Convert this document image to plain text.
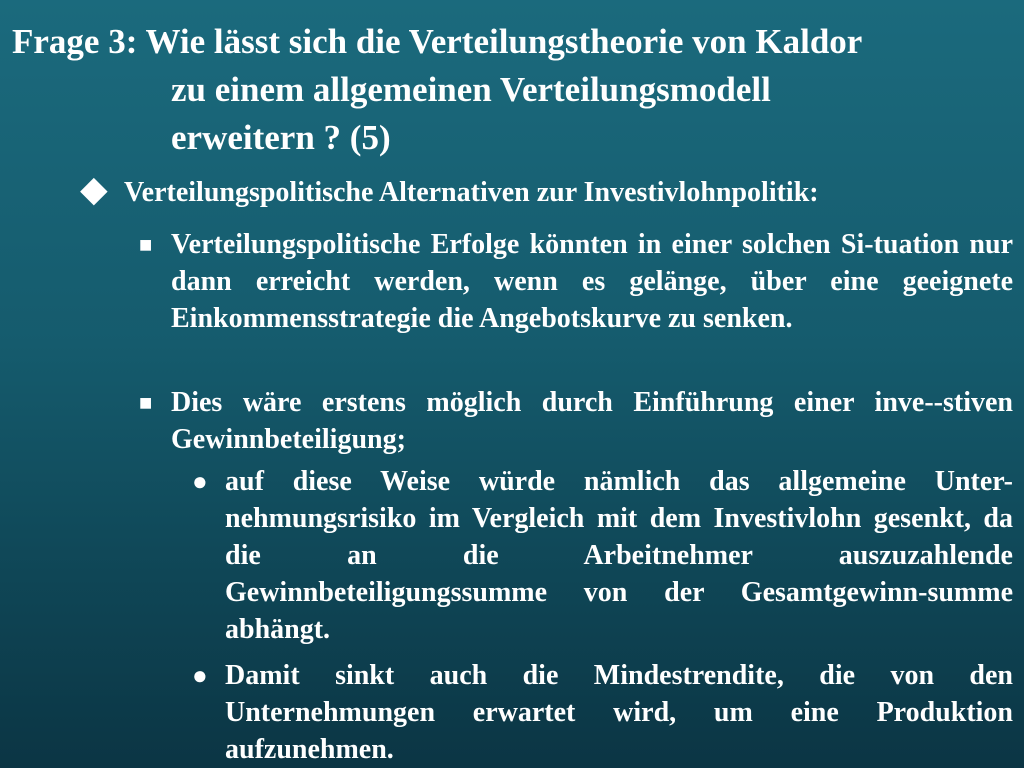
Frage 3: Wie lässt sich die Verteilungstheorie von Kaldor
zu einem allgemeinen Verteilungsmodell
erweitern ? (5)
◆ Verteilungspolitische Alternativen zur Investivlohnpolitik:
■ Verteilungspolitische Erfolge könnten in einer solchen Si-tuation nur dann erreicht werden, wenn es gelänge, über eine geeignete Einkommensstrategie die Angebotskurve zu senken.
■ Dies wäre erstens möglich durch Einführung einer inve--stiven Gewinnbeteiligung;
● auf diese Weise würde nämlich das allgemeine Unter-nehmungsrisiko im Vergleich mit dem Investivlohn gesenkt, da die an die Arbeitnehmer auszuzahlende Gewinnbeteiligungssumme von der Gesamtgewinn-summe abhängt.
● Damit sinkt auch die Mindestrendite, die von den Unternehmungen erwartet wird, um eine Produktion aufzunehmen.
